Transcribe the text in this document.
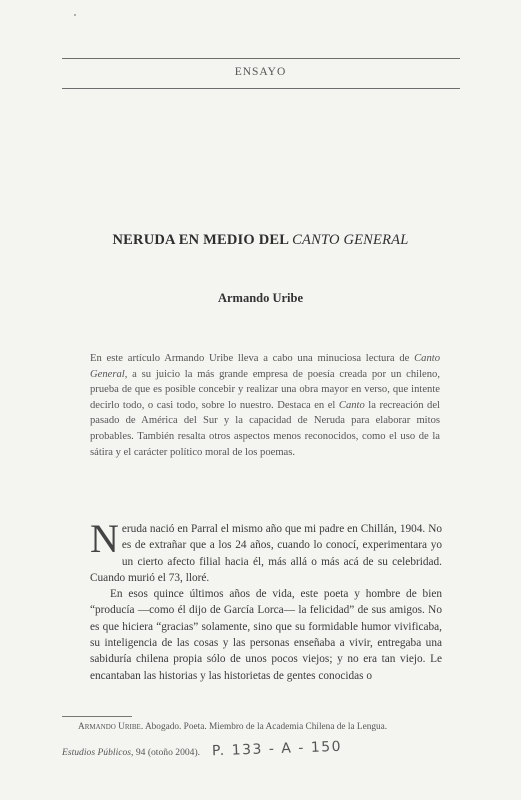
ENSAYO
NERUDA EN MEDIO DEL CANTO GENERAL
Armando Uribe

En este artículo Armando Uribe lleva a cabo una minuciosa lectura de Canto General, a su juicio la más grande empresa de poesía creada por un chileno, prueba de que es posible concebir y realizar una obra mayor en verso, que intente decirlo todo, o casi todo, sobre lo nuestro. Destaca en el Canto la recreación del pasado de América del Sur y la capacidad de Neruda para elaborar mitos probables. También resalta otros aspectos menos reconocidos, como el uso de la sátira y el carácter político moral de los poemas.

Neruda nació en Parral el mismo año que mi padre en Chillán, 1904. No es de extrañar que a los 24 años, cuando lo conocí, experimentara yo un cierto afecto filial hacia él, más allá o más acá de su celebridad. Cuando murió el 73, lloré.

En esos quince últimos años de vida, este poeta y hombre de bien “producía —como él dijo de García Lorca— la felicidad” de sus amigos. No es que hiciera “gracias” solamente, sino que su formidable humor vivificaba, su inteligencia de las cosas y las personas enseñaba a vivir, entregaba una sabiduría chilena propia sólo de unos pocos viejos; y no era tan viejo. Le encantaban las historias y las historietas de gentes conocidas o

Armando Uribe. Abogado. Poeta. Miembro de la Academia Chilena de la Lengua.
Estudios Públicos, 94 (otoño 2004). P. 133 - A - 150
